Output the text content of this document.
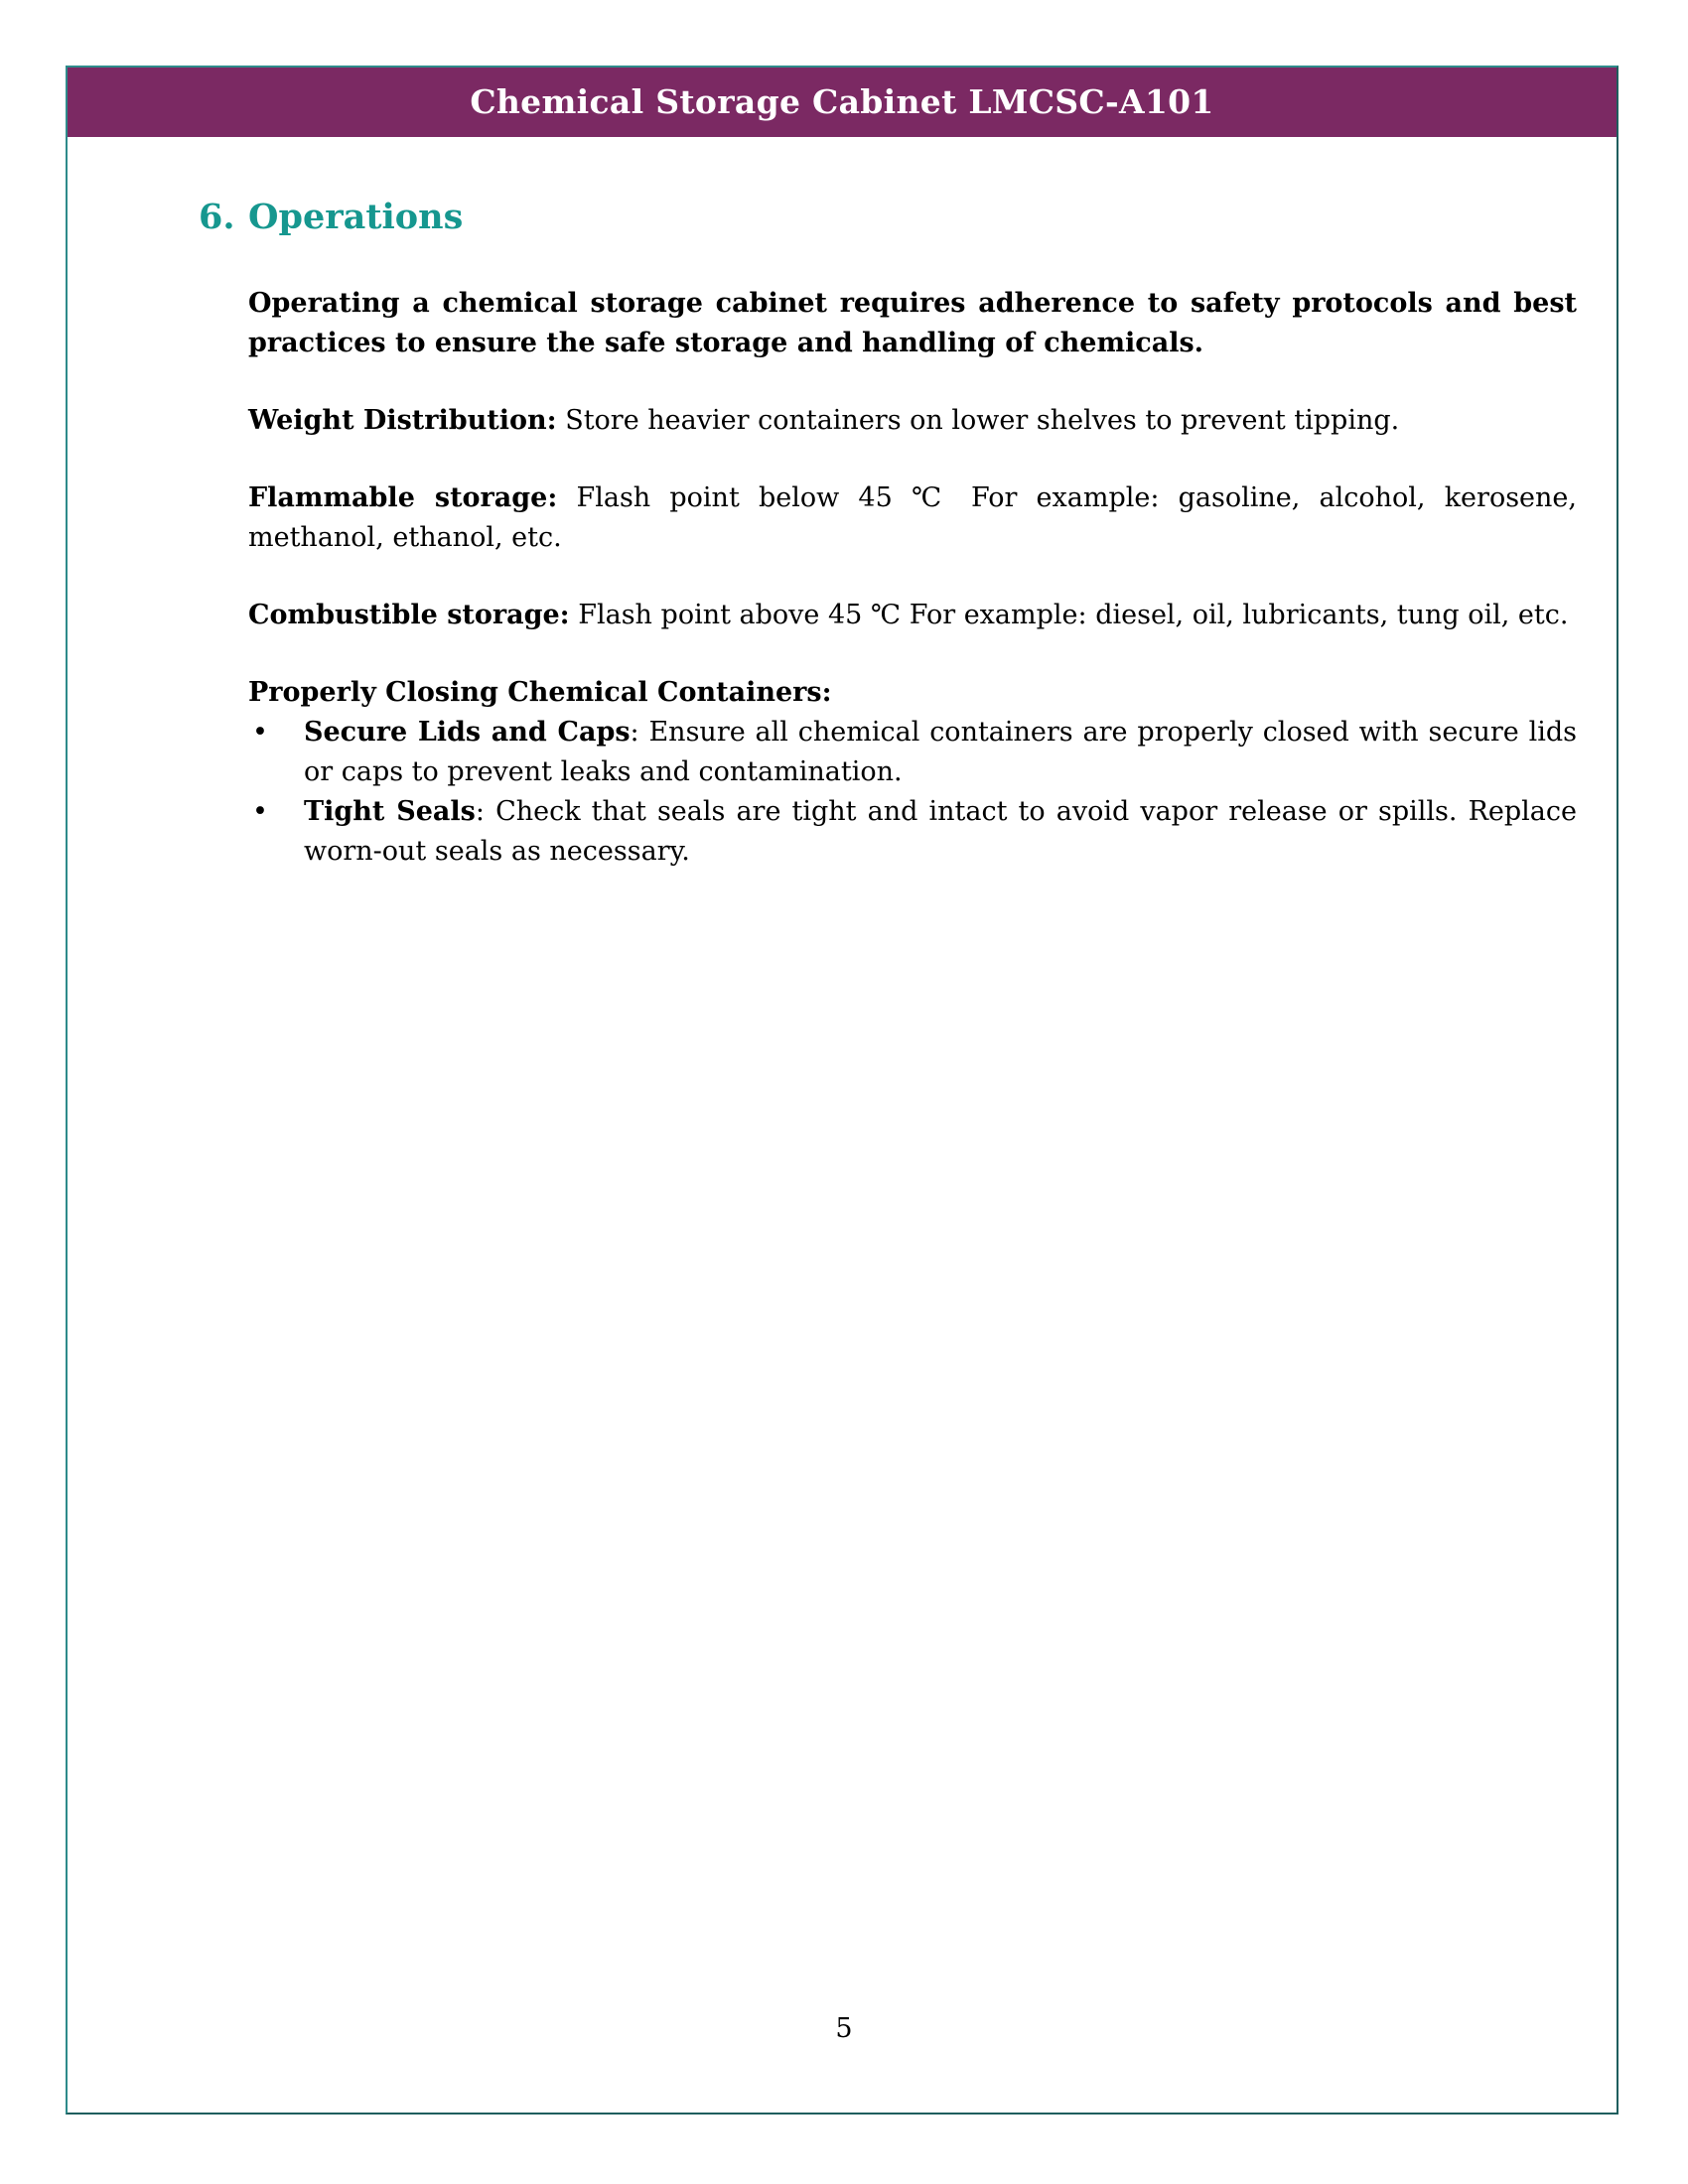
Chemical Storage Cabinet LMCSC-A101
6. Operations

Operating a chemical storage cabinet requires adherence to safety protocols and best practices to ensure the safe storage and handling of chemicals.

Weight Distribution: Store heavier containers on lower shelves to prevent tipping.

Flammable storage: Flash point below 45 ℃ For example: gasoline, alcohol, kerosene, methanol, ethanol, etc.

Combustible storage: Flash point above 45 ℃ For example: diesel, oil, lubricants, tung oil, etc.

Properly Closing Chemical Containers:

• Secure Lids and Caps: Ensure all chemical containers are properly closed with secure lids or caps to prevent leaks and contamination.
• Tight Seals: Check that seals are tight and intact to avoid vapor release or spills. Replace worn-out seals as necessary.
5
